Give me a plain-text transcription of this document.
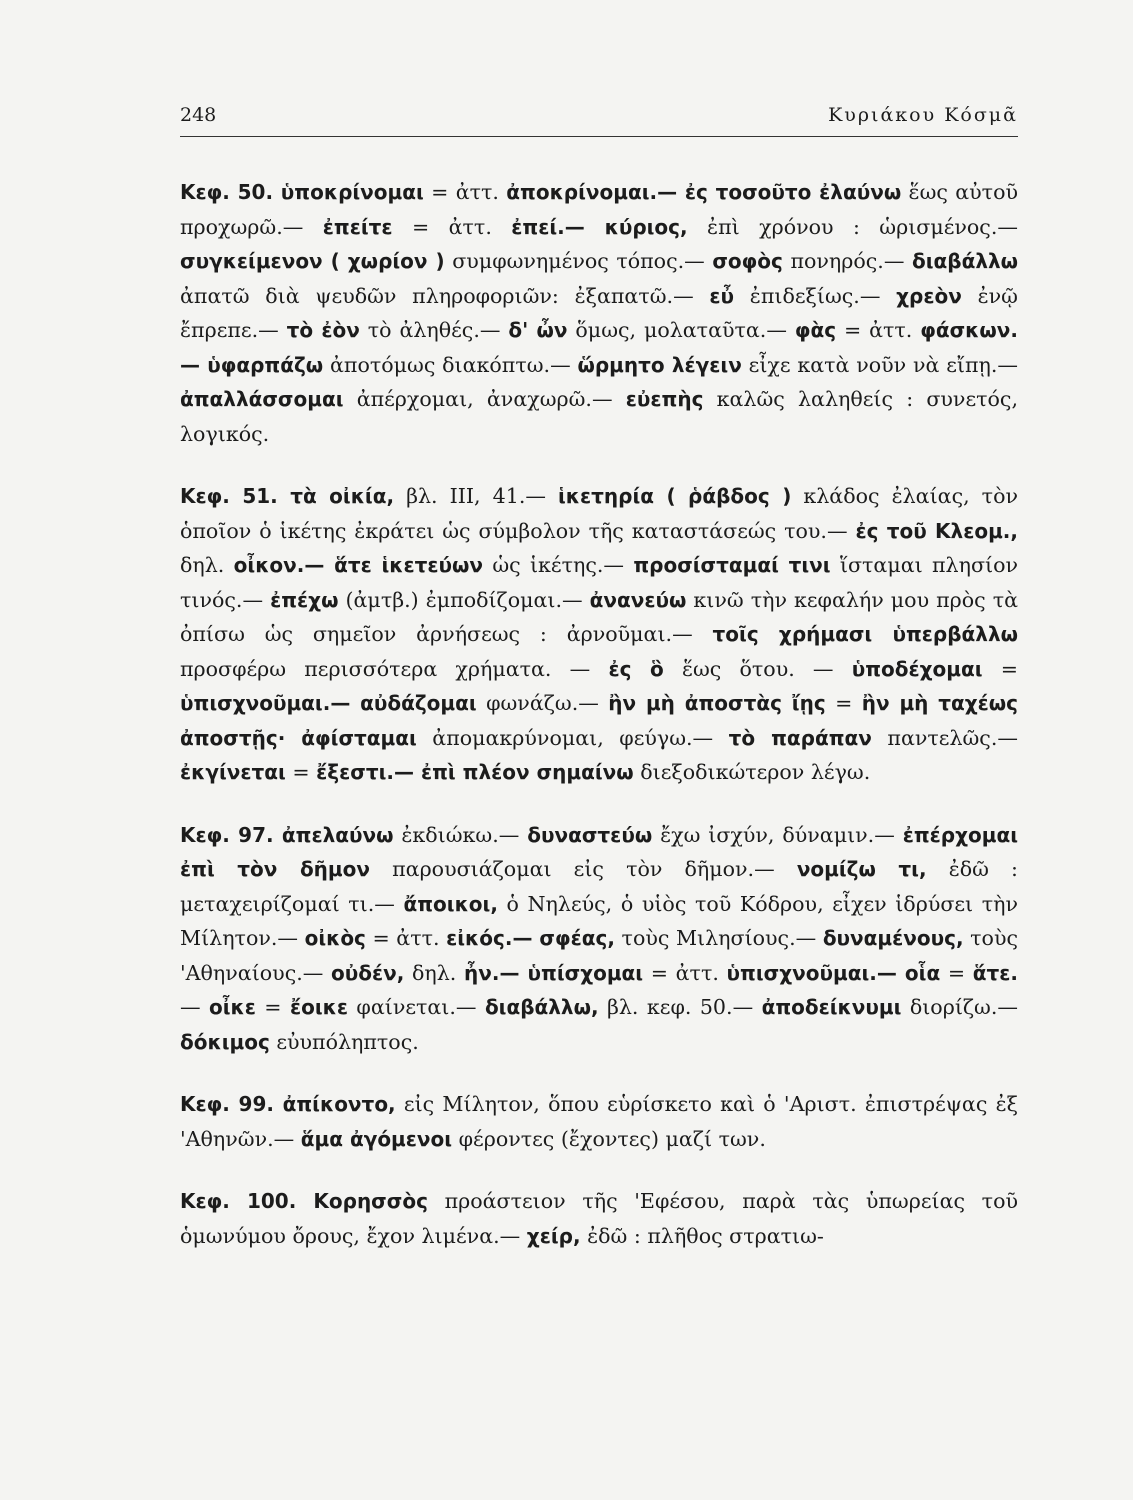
248	Κυριάκου Κόσμᾶ

Κεφ. 50. ὑποκρίνομαι = ἀττ. ἀποκρίνομαι.— ἐς τοσοῦτο ἐλαύνω ἕως αὐτοῦ προχωρῶ.— ἐπείτε = ἀττ. ἐπεί.— κύριος, ἐπὶ χρόνου : ὡρισμένος.— συγκείμενον ( χωρίον ) συμφωνημένος τόπος.— σοφὸς πονηρός.— διαβάλλω ἀπατῶ διὰ ψευδῶν πληροφοριῶν: ἐξαπατῶ.— εὖ ἐπιδεξίως.— χρεὸν ἐνῷ ἔπρεπε.— τὸ ἐὸν τὸ ἀληθές.— δ' ὦν ὅμως, μολαταῦτα.— φὰς = ἀττ. φάσκων.— ὑφαρπάζω ἀποτόμως διακόπτω.— ὥρμητο λέγειν εἶχε κατὰ νοῦν νὰ εἴπῃ.— ἀπαλλάσσομαι ἀπέρχομαι, ἀναχωρῶ.— εὐεπὴς καλῶς λαληθείς : συνετός, λογικός.

Κεφ. 51. τὰ οἰκία, βλ. ΙΙΙ, 41.— ἱκετηρία ( ῥάβδος ) κλάδος ἐλαίας, τὸν ὁποῖον ὁ ἱκέτης ἐκράτει ὡς σύμβολον τῆς καταστάσεώς του.— ἐς τοῦ Κλεομ., δηλ. οἶκον.— ἅτε ἱκετεύων ὡς ἱκέτης.— προσίσταμαί τινι ἵσταμαι πλησίον τινός.— ἐπέχω (ἀμτβ.) ἐμποδίζομαι.— ἀνανεύω κινῶ τὴν κεφαλήν μου πρὸς τὰ ὀπίσω ὡς σημεῖον ἀρνήσεως : ἀρνοῦμαι.— τοῖς χρήμασι ὑπερβάλλω προσφέρω περισσότερα χρήματα. — ἐς ὃ ἕως ὅτου. — ὑποδέχομαι = ὑπισχνοῦμαι.— αὐδάζομαι φωνάζω.— ἢν μὴ ἀποστὰς ἴῃς = ἢν μὴ ταχέως ἀποστῇς· ἀφίσταμαι ἀπομακρύνομαι, φεύγω.— τὸ παράπαν παντελῶς.— ἐκγίνεται = ἔξεστι.— ἐπὶ πλέον σημαίνω διεξοδικώτερον λέγω.

Κεφ. 97. ἀπελαύνω ἐκδιώκω.— δυναστεύω ἔχω ἰσχύν, δύναμιν.— ἐπέρχομαι ἐπὶ τὸν δῆμον παρουσιάζομαι εἰς τὸν δῆμον.— νομίζω τι, ἐδῶ : μεταχειρίζομαί τι.— ἄποικοι, ὁ Νηλεύς, ὁ υἱὸς τοῦ Κόδρου, εἶχεν ἱδρύσει τὴν Μίλητον.— οἰκὸς = ἀττ. εἰκός.— σφέας, τοὺς Μιλησίους.— δυναμένους, τοὺς 'Αθηναίους.— οὐδέν, δηλ. ἦν.— ὑπίσχομαι = ἀττ. ὑπισχνοῦμαι.— οἷα = ἅτε. — οἶκε = ἔοικε φαίνεται.— διαβάλλω, βλ. κεφ. 50.— ἀποδείκνυμι διορίζω.— δόκιμος εὐυπόληπτος.

Κεφ. 99. ἀπίκοντο, εἰς Μίλητον, ὅπου εὑρίσκετο καὶ ὁ 'Αριστ. ἐπιστρέψας ἐξ 'Αθηνῶν.— ἅμα ἀγόμενοι φέροντες (ἔχοντες) μαζί των.

Κεφ. 100. Κορησσὸς προάστειον τῆς 'Εφέσου, παρὰ τὰς ὑπωρείας τοῦ ὁμωνύμου ὄρους, ἔχον λιμένα.— χείρ, ἐδῶ : πλῆθος στρατιω-
